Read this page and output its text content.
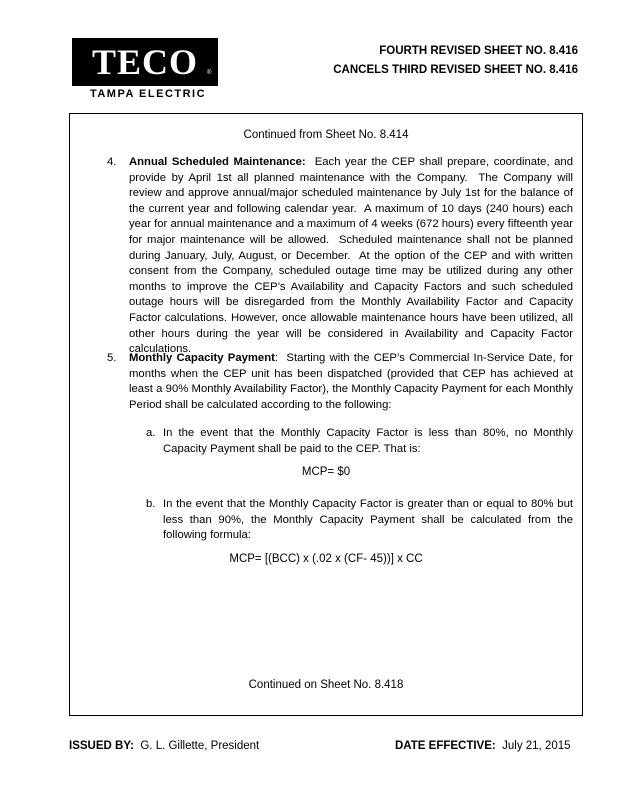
TECO	®
TAMPA ELECTRIC
FOURTH REVISED SHEET NO. 8.416
CANCELS THIRD REVISED SHEET NO. 8.416
Continued from Sheet No. 8.414
4. Annual Scheduled Maintenance:  Each year the CEP shall prepare, coordinate, and provide by April 1st all planned maintenance with the Company.  The Company will review and approve annual/major scheduled maintenance by July 1st for the balance of the current year and following calendar year.  A maximum of 10 days (240 hours) each year for annual maintenance and a maximum of 4 weeks (672 hours) every fifteenth year for major maintenance will be allowed.  Scheduled maintenance shall not be planned during January, July, August, or December.  At the option of the CEP and with written consent from the Company, scheduled outage time may be utilized during any other months to improve the CEP’s Availability and Capacity Factors and such scheduled outage hours will be disregarded from the Monthly Availability Factor and Capacity Factor calculations. However, once allowable maintenance hours have been utilized, all other hours during the year will be considered in Availability and Capacity Factor calculations.
5. Monthly Capacity Payment:  Starting with the CEP’s Commercial In-Service Date, for months when the CEP unit has been dispatched (provided that CEP has achieved at least a 90% Monthly Availability Factor), the Monthly Capacity Payment for each Monthly Period shall be calculated according to the following:
a. In the event that the Monthly Capacity Factor is less than 80%, no Monthly Capacity Payment shall be paid to the CEP. That is:
MCP= $0
b. In the event that the Monthly Capacity Factor is greater than or equal to 80% but less than 90%, the Monthly Capacity Payment shall be calculated from the following formula:
MCP= [(BCC) x (.02 x (CF- 45))] x CC
Continued on Sheet No. 8.418
ISSUED BY: G. L. Gillette, President	DATE EFFECTIVE: July 21, 2015
